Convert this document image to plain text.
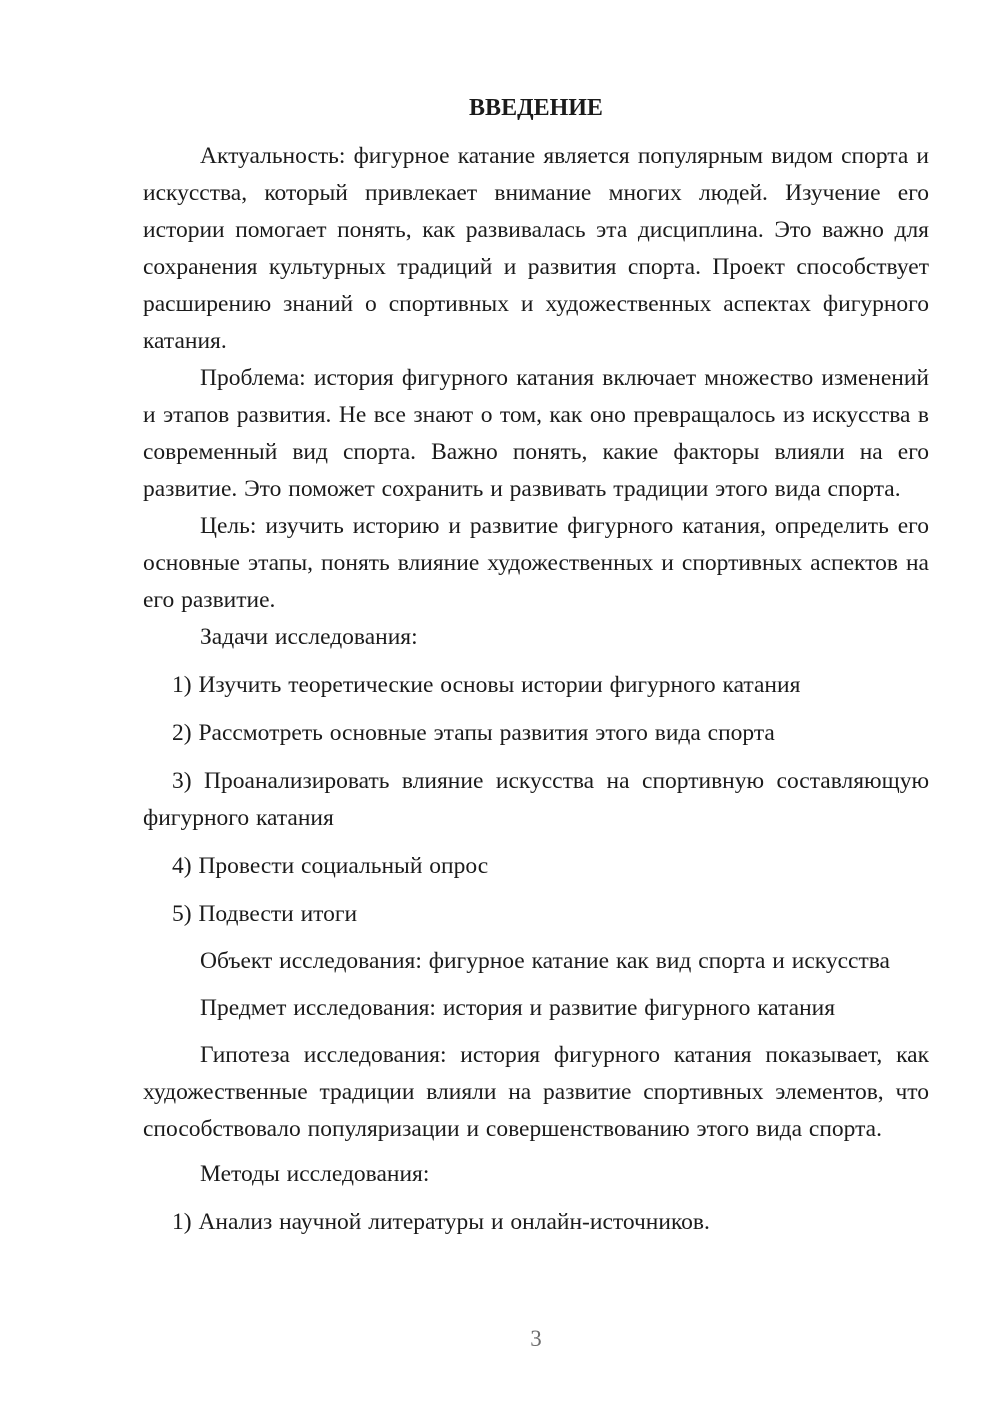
ВВЕДЕНИЕ

Актуальность: фигурное катание является популярным видом спорта и искусства, который привлекает внимание многих людей. Изучение его истории помогает понять, как развивалась эта дисциплина. Это важно для сохранения культурных традиций и развития спорта. Проект способствует расширению знаний о спортивных и художественных аспектах фигурного катания.

Проблема: история фигурного катания включает множество изменений и этапов развития. Не все знают о том, как оно превращалось из искусства в современный вид спорта. Важно понять, какие факторы влияли на его развитие. Это поможет сохранить и развивать традиции этого вида спорта.

Цель: изучить историю и развитие фигурного катания, определить его основные этапы, понять влияние художественных и спортивных аспектов на его развитие.

Задачи исследования:

1) Изучить теоретические основы истории фигурного катания

2) Рассмотреть основные этапы развития этого вида спорта

3) Проанализировать влияние искусства на спортивную составляющую фигурного катания

4) Провести социальный опрос

5) Подвести итоги

Объект исследования: фигурное катание как вид спорта и искусства

Предмет исследования: история и развитие фигурного катания

Гипотеза исследования: история фигурного катания показывает, как художественные традиции влияли на развитие спортивных элементов, что способствовало популяризации и совершенствованию этого вида спорта.

Методы исследования:

1) Анализ научной литературы и онлайн-источников.

3
